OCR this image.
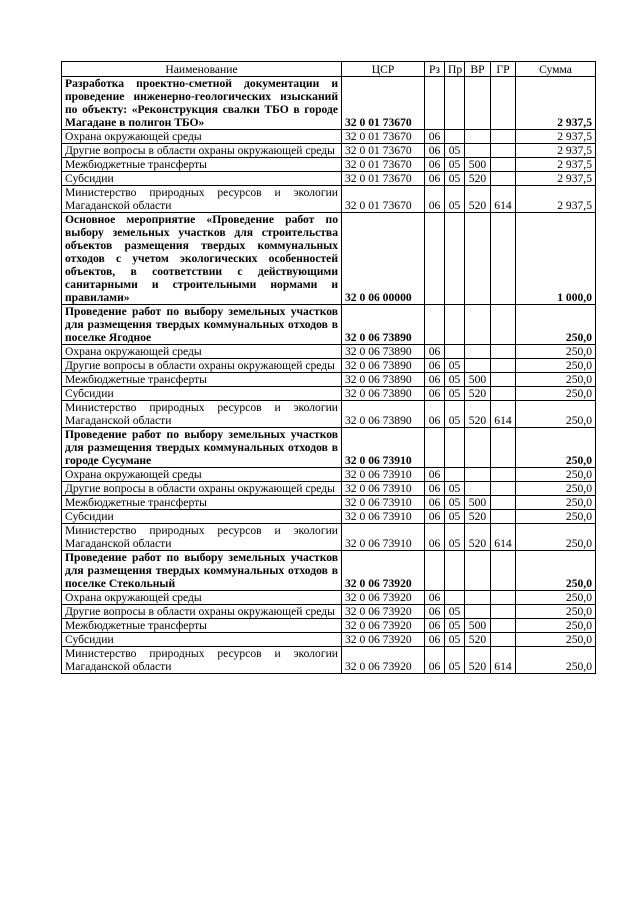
Наименование	ЦСР	Рз	Пр	ВР	ГР	Сумма
Разработка проектно-сметной документации и проведение инженерно-геологических изысканий по объекту: «Реконструкция свалки ТБО в городе Магадане в полигон ТБО»	32 0 01 73670					2 937,5
Охрана окружающей среды	32 0 01 73670	06				2 937,5
Другие вопросы в области охраны окружающей среды	32 0 01 73670	06	05			2 937,5
Межбюджетные трансферты	32 0 01 73670	06	05	500		2 937,5
Субсидии	32 0 01 73670	06	05	520		2 937,5
Министерство природных ресурсов и экологии Магаданской области	32 0 01 73670	06	05	520	614	2 937,5
Основное мероприятие «Проведение работ по выбору земельных участков для строительства объектов размещения твердых коммунальных отходов с учетом экологических особенностей объектов, в соответствии с действующими санитарными и строительными нормами и правилами»	32 0 06 00000					1 000,0
Проведение работ по выбору земельных участков для размещения твердых коммунальных отходов в поселке Ягодное	32 0 06 73890					250,0
Охрана окружающей среды	32 0 06 73890	06				250,0
Другие вопросы в области охраны окружающей среды	32 0 06 73890	06	05			250,0
Межбюджетные трансферты	32 0 06 73890	06	05	500		250,0
Субсидии	32 0 06 73890	06	05	520		250,0
Министерство природных ресурсов и экологии Магаданской области	32 0 06 73890	06	05	520	614	250,0
Проведение работ по выбору земельных участков для размещения твердых коммунальных отходов в городе Сусумане	32 0 06 73910					250,0
Охрана окружающей среды	32 0 06 73910	06				250,0
Другие вопросы в области охраны окружающей среды	32 0 06 73910	06	05			250,0
Межбюджетные трансферты	32 0 06 73910	06	05	500		250,0
Субсидии	32 0 06 73910	06	05	520		250,0
Министерство природных ресурсов и экологии Магаданской области	32 0 06 73910	06	05	520	614	250,0
Проведение работ по выбору земельных участков для размещения твердых коммунальных отходов в поселке Стекольный	32 0 06 73920					250,0
Охрана окружающей среды	32 0 06 73920	06				250,0
Другие вопросы в области охраны окружающей среды	32 0 06 73920	06	05			250,0
Межбюджетные трансферты	32 0 06 73920	06	05	500		250,0
Субсидии	32 0 06 73920	06	05	520		250,0
Министерство природных ресурсов и экологии Магаданской области	32 0 06 73920	06	05	520	614	250,0
